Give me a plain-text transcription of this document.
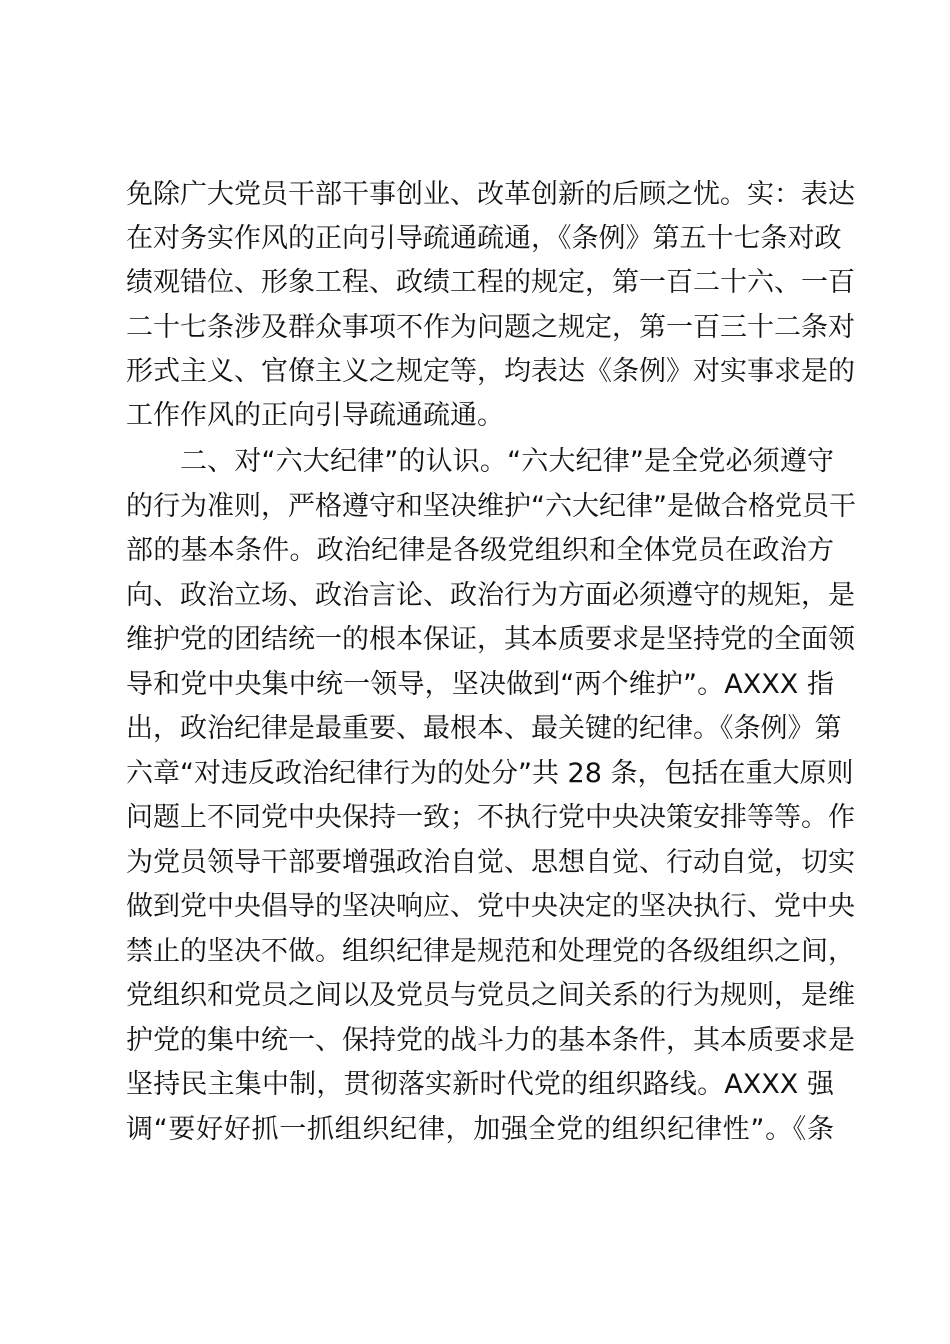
免除广大党员干部干事创业、改革创新的后顾之忧。实：表达
在对务实作风的正向引导疏通疏通，《条例》第五十七条对政
绩观错位、形象工程、政绩工程的规定，第一百二十六、一百
二十七条涉及群众事项不作为问题之规定，第一百三十二条对
形式主义、官僚主义之规定等，均表达《条例》对实事求是的
工作作风的正向引导疏通疏通。
二、对“六大纪律”的认识。“六大纪律”是全党必须遵守
的行为准则，严格遵守和坚决维护“六大纪律”是做合格党员干
部的基本条件。政治纪律是各级党组织和全体党员在政治方
向、政治立场、政治言论、政治行为方面必须遵守的规矩，是
维护党的团结统一的根本保证，其本质要求是坚持党的全面领
导和党中央集中统一领导，坚决做到“两个维护”。AXXX 指
出，政治纪律是最重要、最根本、最关键的纪律。《条例》第
六章“对违反政治纪律行为的处分”共 28 条，包括在重大原则
问题上不同党中央保持一致；不执行党中央决策安排等等。作
为党员领导干部要增强政治自觉、思想自觉、行动自觉，切实
做到党中央倡导的坚决响应、党中央决定的坚决执行、党中央
禁止的坚决不做。组织纪律是规范和处理党的各级组织之间，
党组织和党员之间以及党员与党员之间关系的行为规则，是维
护党的集中统一、保持党的战斗力的基本条件，其本质要求是
坚持民主集中制，贯彻落实新时代党的组织路线。AXXX 强
调“要好好抓一抓组织纪律，加强全党的组织纪律性”。《条
